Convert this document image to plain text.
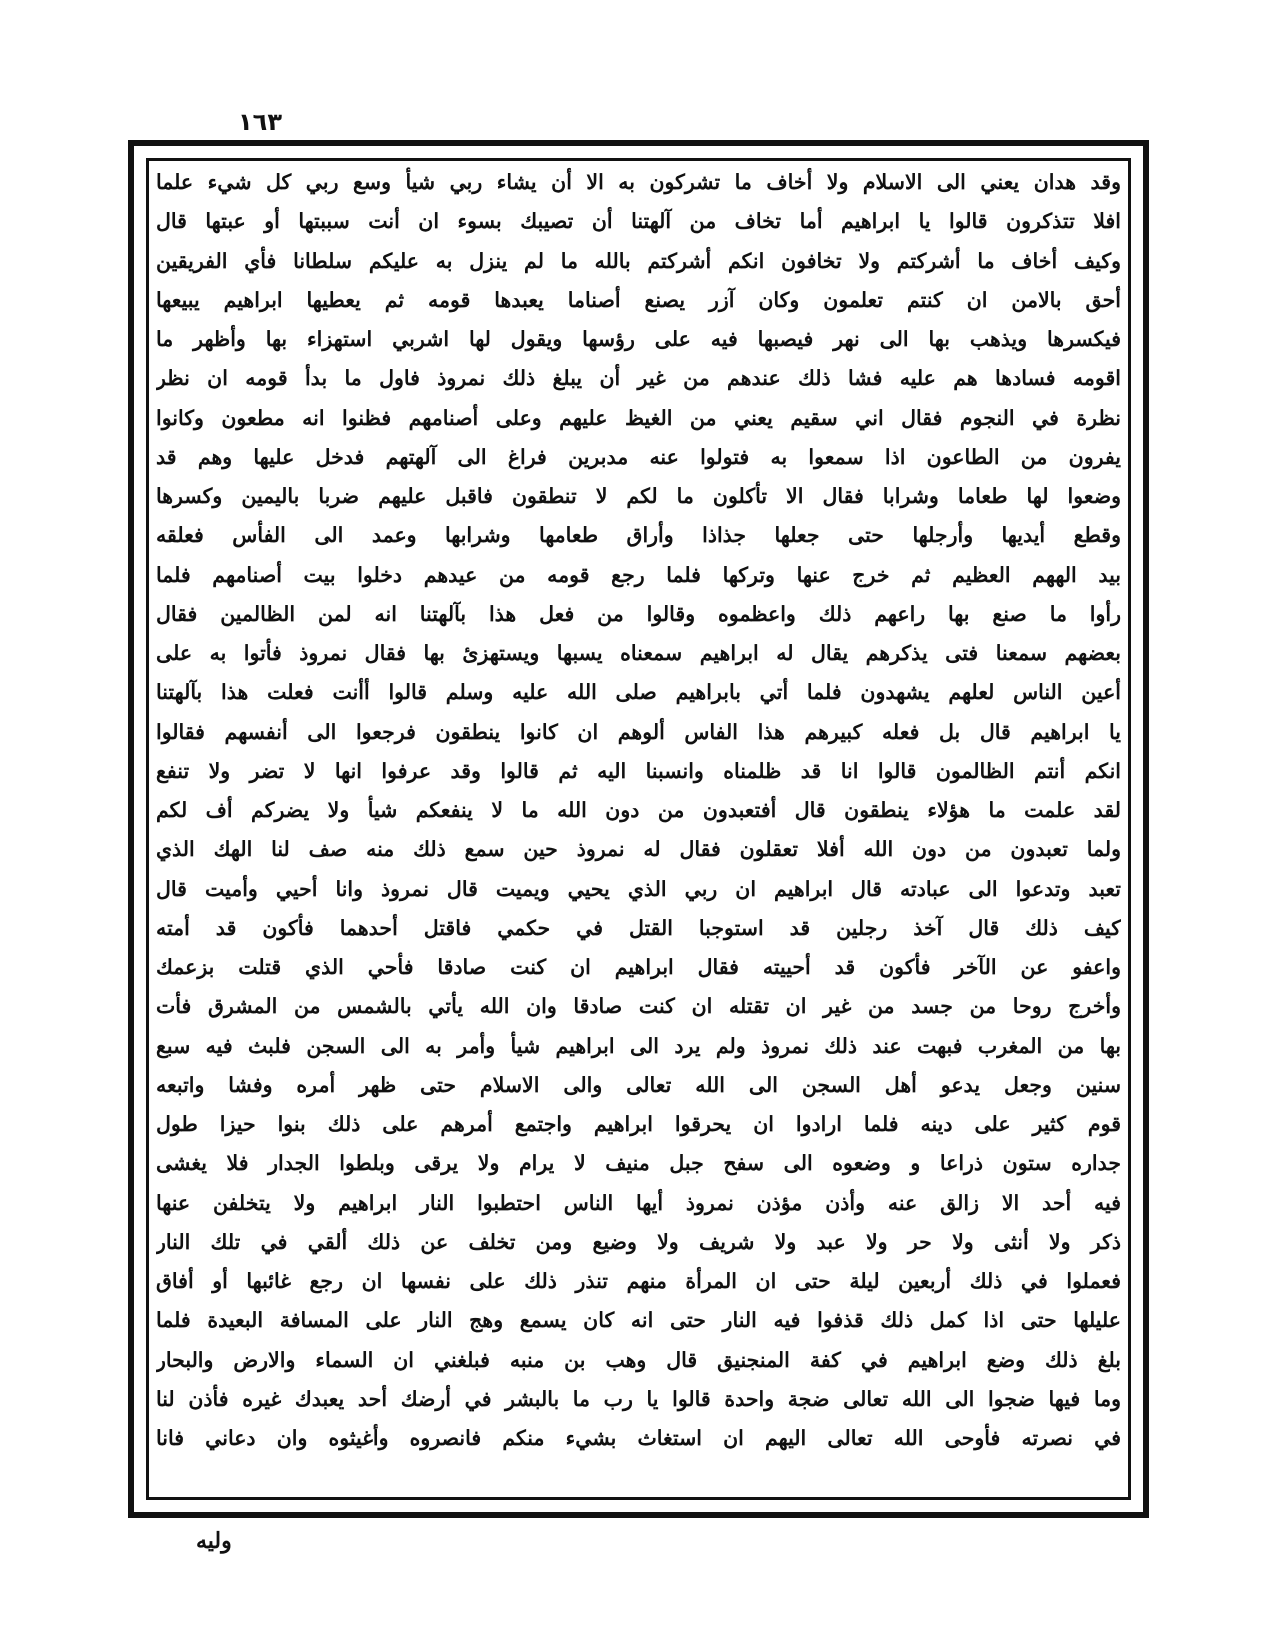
١٦٣
وقد هدان يعني الى الاسلام ولا أخاف ما تشركون به الا أن يشاء ربي شيأ وسع ربي كل شيء علما
افلا تتذكرون قالوا يا ابراهيم أما تخاف من آلهتنا أن تصيبك بسوء ان أنت سببتها أو عبتها قال
وكيف أخاف ما أشركتم ولا تخافون انكم أشركتم بالله ما لم ينزل به عليكم سلطانا فأي الفريقين
أحق بالامن ان كنتم تعلمون وكان آزر يصنع أصناما يعبدها قومه ثم يعطيها ابراهيم يبيعها
فيكسرها ويذهب بها الى نهر فيصبها فيه على رؤسها ويقول لها اشربي استهزاء بها وأظهر ما
اقومه فسادها هم عليه فشا ذلك عندهم من غير أن يبلغ ذلك نمروذ فاول ما بدأ قومه ان نظر
نظرة في النجوم فقال اني سقيم يعني من الغيظ عليهم وعلى أصنامهم فظنوا انه مطعون وكانوا
يفرون من الطاعون اذا سمعوا به فتولوا عنه مدبرين فراغ الى آلهتهم فدخل عليها وهم قد
وضعوا لها طعاما وشرابا فقال الا تأكلون ما لكم لا تنطقون فاقبل عليهم ضربا باليمين وكسرها
وقطع أيديها وأرجلها حتى جعلها جذاذا وأراق طعامها وشرابها وعمد الى الفأس فعلقه
بيد الههم العظيم ثم خرج عنها وتركها فلما رجع قومه من عيدهم دخلوا بيت أصنامهم فلما
رأوا ما صنع بها راعهم ذلك واعظموه وقالوا من فعل هذا بآلهتنا انه لمن الظالمين فقال
بعضهم سمعنا فتى يذكرهم يقال له ابراهيم سمعناه يسبها ويستهزئ بها فقال نمروذ فأتوا به على
أعين الناس لعلهم يشهدون فلما أتي بابراهيم صلى الله عليه وسلم قالوا أأنت فعلت هذا بآلهتنا
يا ابراهيم قال بل فعله كبيرهم هذا الفاس ألوهم ان كانوا ينطقون فرجعوا الى أنفسهم فقالوا
انكم أنتم الظالمون قالوا انا قد ظلمناه وانسبنا اليه ثم قالوا وقد عرفوا انها لا تضر ولا تنفع
لقد علمت ما هؤلاء ينطقون قال أفتعبدون من دون الله ما لا ينفعكم شيأ ولا يضركم أف لكم
ولما تعبدون من دون الله أفلا تعقلون فقال له نمروذ حين سمع ذلك منه صف لنا الهك الذي
تعبد وتدعوا الى عبادته قال ابراهيم ان ربي الذي يحيي ويميت قال نمروذ وانا أحيي وأميت قال
كيف ذلك قال آخذ رجلين قد استوجبا القتل في حكمي فاقتل أحدهما فأكون قد أمته
واعفو عن الآخر فأكون قد أحييته فقال ابراهيم ان كنت صادقا فأحي الذي قتلت بزعمك
وأخرج روحا من جسد من غير ان تقتله ان كنت صادقا وان الله يأتي بالشمس من المشرق فأت
بها من المغرب فبهت عند ذلك نمروذ ولم يرد الى ابراهيم شيأ وأمر به الى السجن فلبث فيه سبع
سنين وجعل يدعو أهل السجن الى الله تعالى والى الاسلام حتى ظهر أمره وفشا واتبعه
قوم كثير على دينه فلما ارادوا ان يحرقوا ابراهيم واجتمع أمرهم على ذلك بنوا حيزا طول
جداره ستون ذراعا و وضعوه الى سفح جبل منيف لا يرام ولا يرقى وبلطوا الجدار فلا يغشى
فيه أحد الا زالق عنه وأذن مؤذن نمروذ أيها الناس احتطبوا النار ابراهيم ولا يتخلفن عنها
ذكر ولا أنثى ولا حر ولا عبد ولا شريف ولا وضيع ومن تخلف عن ذلك ألقي في تلك النار
فعملوا في ذلك أربعين ليلة حتى ان المرأة منهم تنذر ذلك على نفسها ان رجع غائبها أو أفاق
عليلها حتى اذا كمل ذلك قذفوا فيه النار حتى انه كان يسمع وهج النار على المسافة البعيدة فلما
بلغ ذلك وضع ابراهيم في كفة المنجنيق قال وهب بن منبه فبلغني ان السماء والارض والبحار
وما فيها ضجوا الى الله تعالى ضجة واحدة قالوا يا رب ما بالبشر في أرضك أحد يعبدك غيره فأذن لنا
في نصرته فأوحى الله تعالى اليهم ان استغاث بشيء منكم فانصروه وأغيثوه وان دعاني فانا
وليه
